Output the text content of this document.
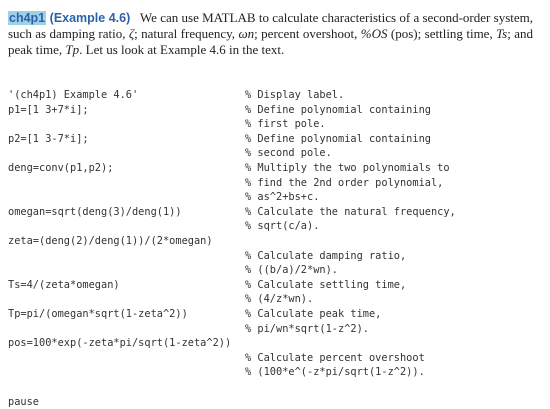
ch4p1 (Example 4.6) We can use MATLAB to calculate characteristics of a second-order system, such as damping ratio, ζ; natural frequency, ωn; percent overshoot, %OS (pos); settling time, Ts; and peak time, Tp. Let us look at Example 4.6 in the text.
'(ch4p1) Example 4.6'	% Display label.
p1=[1 3+7*i];	% Define polynomial containing
% first pole.
p2=[1 3-7*i];	% Define polynomial containing
% second pole.
deng=conv(p1,p2);	% Multiply the two polynomials to
% find the 2nd order polynomial,
% as^2+bs+c.
omegan=sqrt(deng(3)/deng(1))	% Calculate the natural frequency,
% sqrt(c/a).
zeta=(deng(2)/deng(1))/(2*omegan)
% Calculate damping ratio,
% ((b/a)/2*wn).
Ts=4/(zeta*omegan)	% Calculate settling time,
% (4/z*wn).
Tp=pi/(omegan*sqrt(1-zeta^2))	% Calculate peak time,
% pi/wn*sqrt(1-z^2).
pos=100*exp(-zeta*pi/sqrt(1-zeta^2))
% Calculate percent overshoot
% (100*e^(-z*pi/sqrt(1-z^2)).
pause
